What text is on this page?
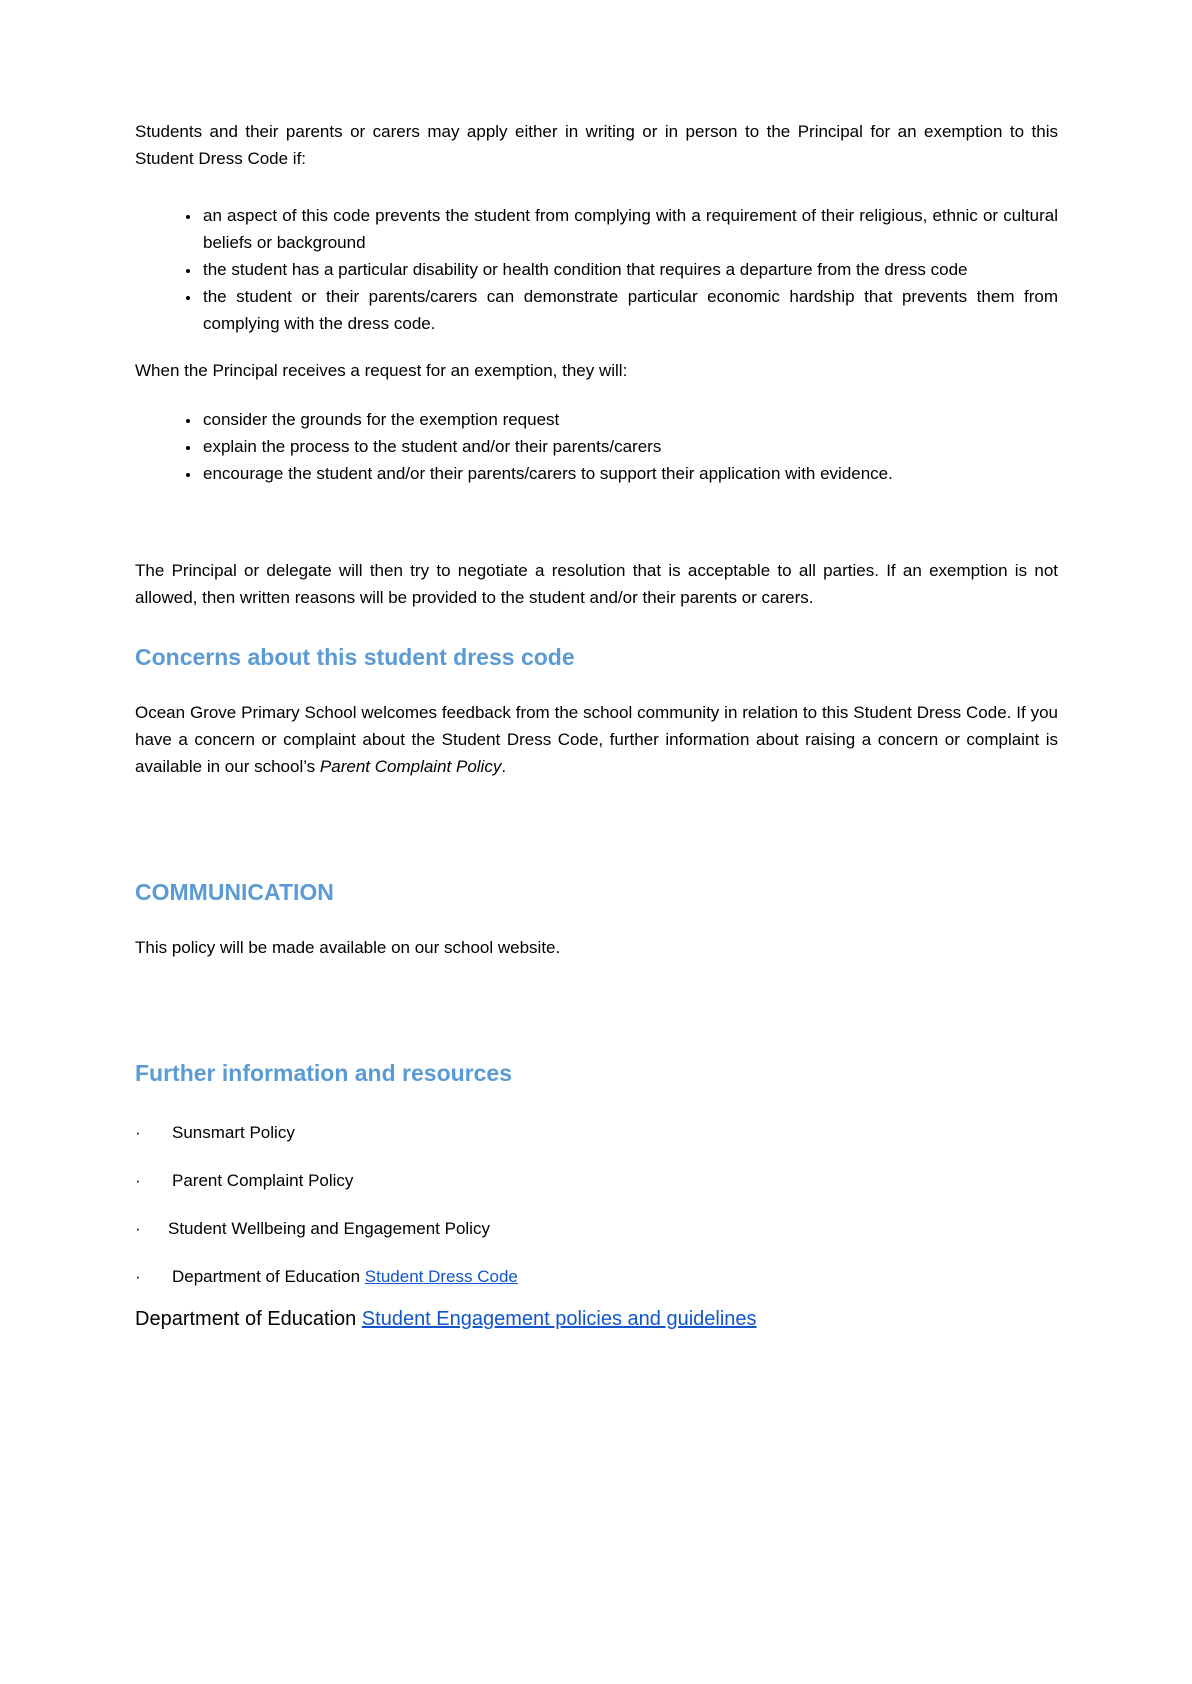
Students and their parents or carers may apply either in writing or in person to the Principal for an exemption to this Student Dress Code if:

• an aspect of this code prevents the student from complying with a requirement of their religious, ethnic or cultural beliefs or background
• the student has a particular disability or health condition that requires a departure from the dress code
• the student or their parents/carers can demonstrate particular economic hardship that prevents them from complying with the dress code.

When the Principal receives a request for an exemption, they will:

• consider the grounds for the exemption request
• explain the process to the student and/or their parents/carers
• encourage the student and/or their parents/carers to support their application with evidence.

The Principal or delegate will then try to negotiate a resolution that is acceptable to all parties. If an exemption is not allowed, then written reasons will be provided to the student and/or their parents or carers.

Concerns about this student dress code

Ocean Grove Primary School welcomes feedback from the school community in relation to this Student Dress Code. If you have a concern or complaint about the Student Dress Code, further information about raising a concern or complaint is available in our school’s Parent Complaint Policy.

COMMUNICATION

This policy will be made available on our school website.

Further information and resources
·	Sunsmart Policy
·	Parent Complaint Policy
·	Student Wellbeing and Engagement Policy
·	Department of Education Student Dress Code

Department of Education Student Engagement policies and guidelines
